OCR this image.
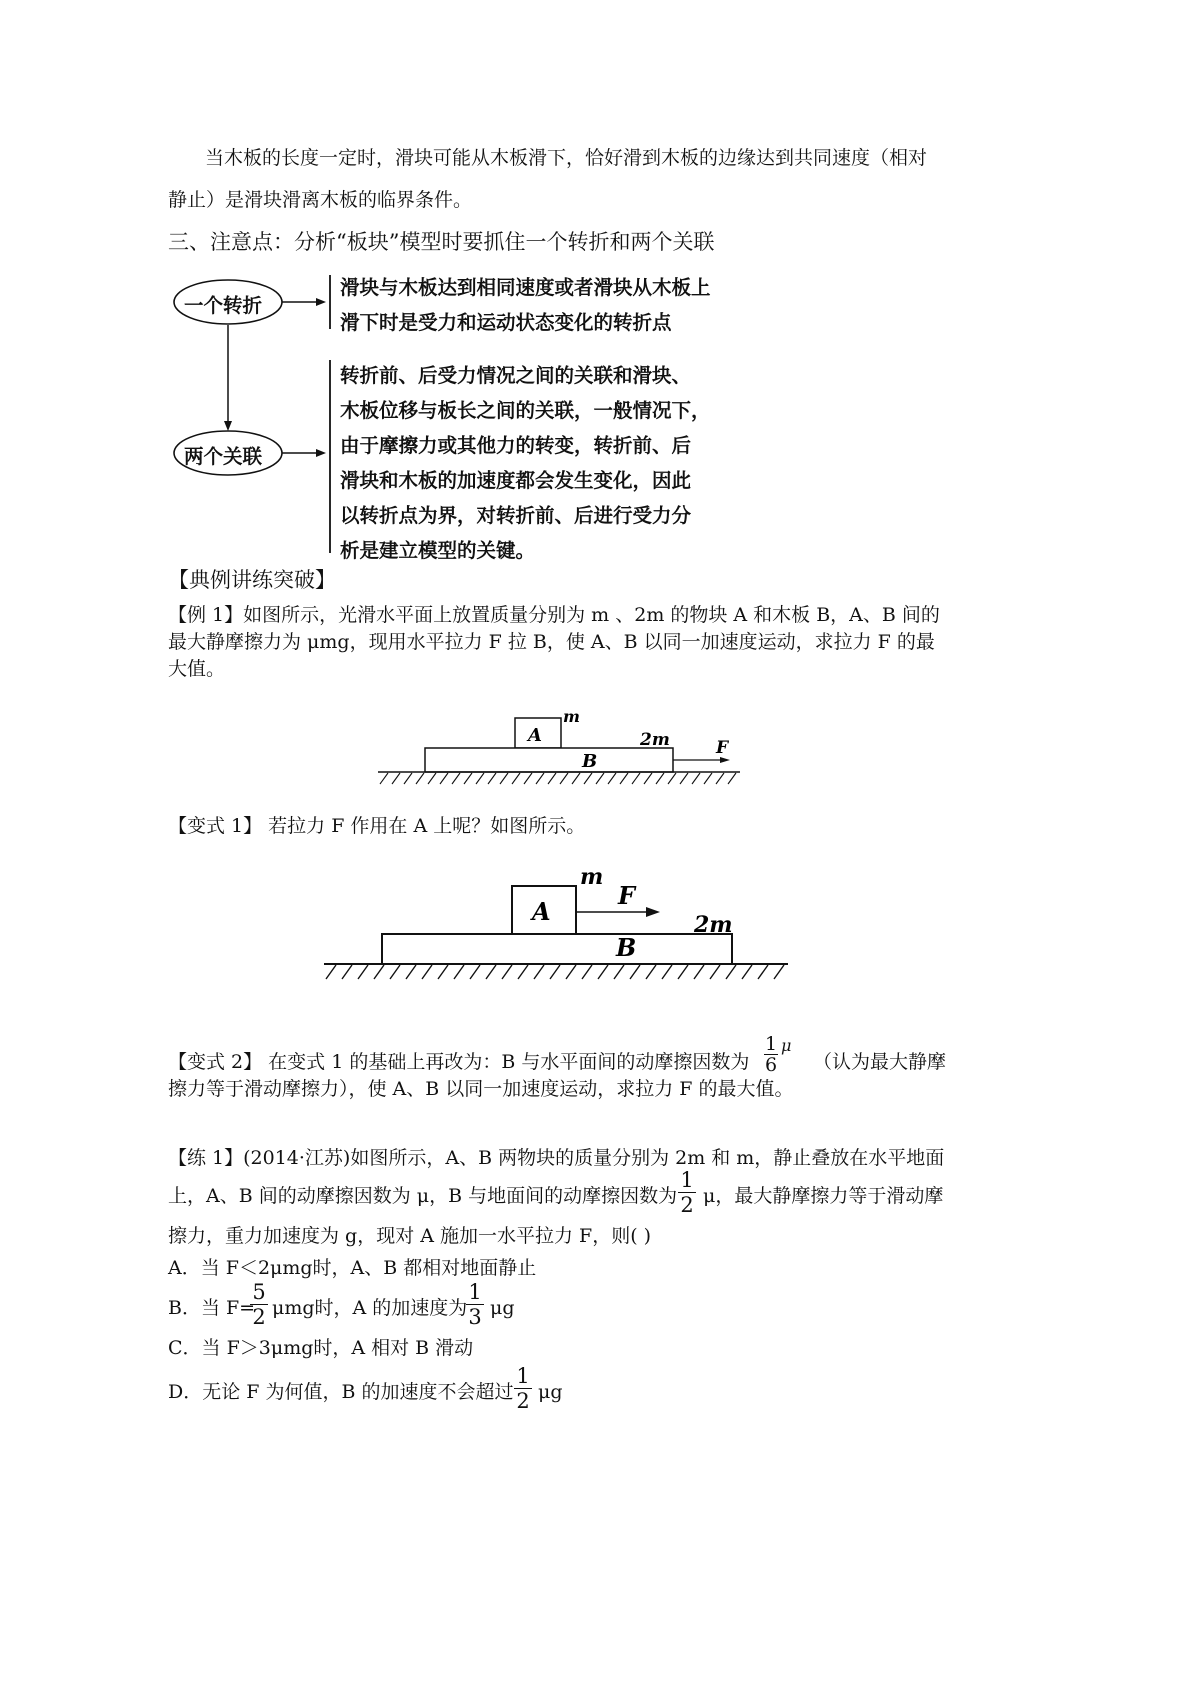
当木板的长度一定时，滑块可能从木板滑下，恰好滑到木板的边缘达到共同速度（相对
静止）是滑块滑离木板的临界条件。
三、注意点：分析“板块”模型时要抓住一个转折和两个关联
一个转折
滑块与木板达到相同速度或者滑块从木板上
滑下时是受力和运动状态变化的转折点
两个关联
转折前、后受力情况之间的关联和滑块、
木板位移与板长之间的关联，一般情况下，
由于摩擦力或其他力的转变，转折前、后
滑块和木板的加速度都会发生变化，因此
以转折点为界，对转折前、后进行受力分
析是建立模型的关键。
【典例讲练突破】
【例 1】如图所示，光滑水平面上放置质量分别为 m 、2m 的物块 A 和木板 B，A、B 间的
最大静摩擦力为 μmg，现用水平拉力 F 拉 B，使 A、B 以同一加速度运动，求拉力 F 的最
大值。
A
m
B
2m	F
【变式 1】 若拉力 F 作用在 A 上呢？如图所示。
A
m
F
B
2m
【变式 2】 在变式 1 的基础上再改为：B 与水平面间的动摩擦因数为
1
6
μ
（认为最大静摩
擦力等于滑动摩擦力），使 A、B 以同一加速度运动，求拉力 F 的最大值。
【练 1】(2014·江苏)如图所示，A、B 两物块的质量分别为 2m 和 m，静止叠放在水平地面
上，A、B 间的动摩擦因数为 μ，B 与地面间的动摩擦因数为 $\frac{1}{2}$ μ，最大静摩擦力等于滑动摩
擦力，重力加速度为 g，现对 A 施加一水平拉力 F，则( )
A．当 F＜2μmg时，A、B 都相对地面静止
B．当 F=
$\frac{5}{2}$ μmg时，A 的加速度为
$\frac{1}{3}$ μg
C．当 F＞3μmg时，A 相对 B 滑动
D．无论 F 为何值，B 的加速度不会超过 $\frac{1}{2}$ μg
